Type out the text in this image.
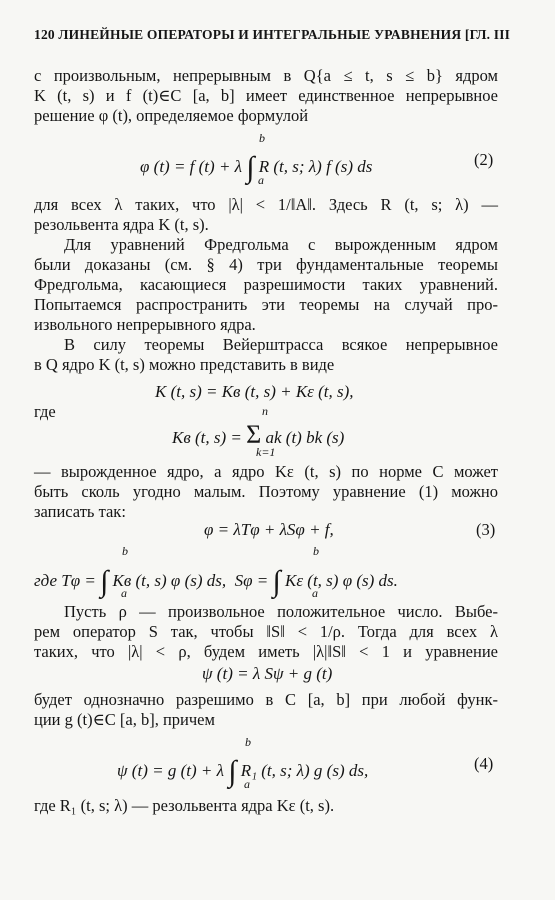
120 ЛИНЕЙНЫЕ ОПЕРАТОРЫ И ИНТЕГРАЛЬНЫЕ УРАВНЕНИЯ [ГЛ. III
с произвольным, непрерывным в Q{a ≤ t, s ≤ b} ядром
K (t, s) и f (t)∈C [a, b] имеет единственное непрерывное
решение φ (t), определяемое формулой
φ (t) = f (t) + λ ∫ R (t, s; λ) f (s) ds
b
a
(2)
для всех λ таких, что |λ| < 1/‖A‖. Здесь R (t, s; λ) —
резольвента ядра K (t, s).
Для уравнений Фредгольма с вырожденным ядром
были доказаны (см. § 4) три фундаментальные теоремы
Фредгольма, касающиеся разрешимости таких уравнений.
Попытаемся распространить эти теоремы на случай про-
извольного непрерывного ядра.
В силу теоремы Вейерштрасса всякое непрерывное
в Q ядро K (t, s) можно представить в виде
K (t, s) = Kв (t, s) + Kε (t, s),
где
Kв (t, s) = Σ ak (t) bk (s)
n
k=1
— вырожденное ядро, а ядро Kε (t, s) по норме C может
быть сколь угодно малым. Поэтому уравнение (1) можно
записать так:
φ = λTφ + λSφ + f,	(3)
где Tφ = ∫ Kв (t, s) φ (s) ds, Sφ = ∫ Kε (t, s) φ (s) ds.
b
a
b
a
Пусть ρ — произвольное положительное число. Выбе-
рем оператор S так, чтобы ‖S‖ < 1/ρ. Тогда для всех λ
таких, что |λ| < ρ, будем иметь |λ|‖S‖ < 1 и уравнение
ψ (t) = λ Sψ + g (t)
будет однозначно разрешимо в C [a, b] при любой функ-
ции g (t)∈C [a, b], причем
ψ (t) = g (t) + λ ∫ R₁ (t, s; λ) g (s) ds,
b
a
(4)
где R₁ (t, s; λ) — резольвента ядра Kε (t, s).
